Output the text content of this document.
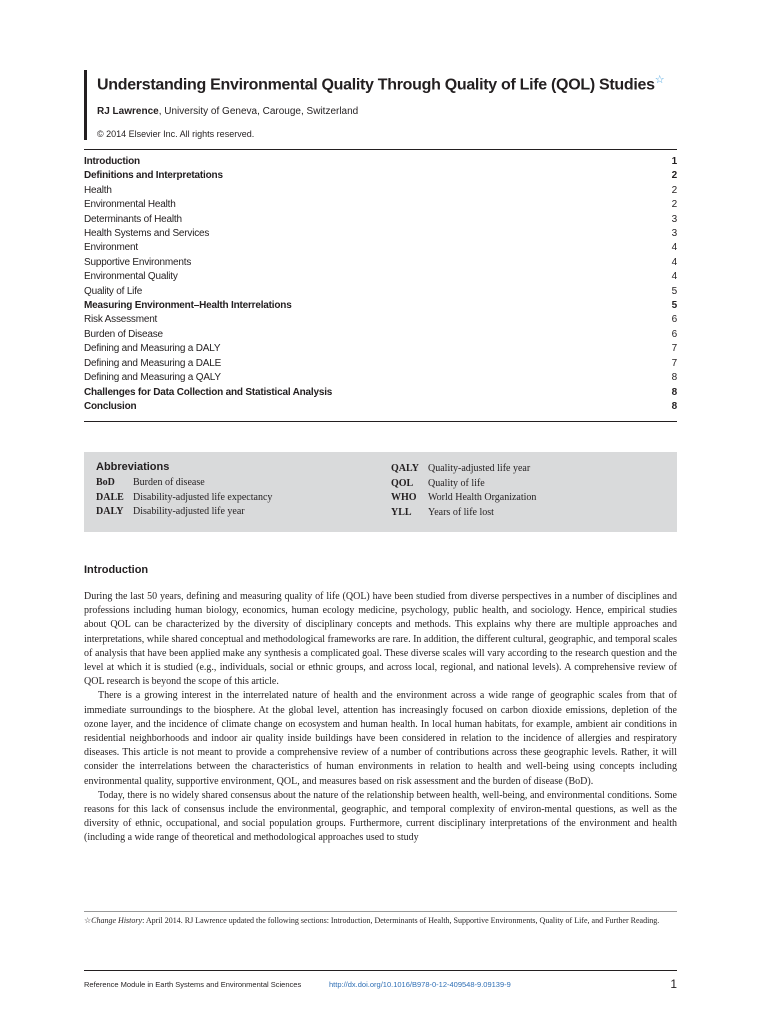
Understanding Environmental Quality Through Quality of Life (QOL) Studies☆
RJ Lawrence, University of Geneva, Carouge, Switzerland
© 2014 Elsevier Inc. All rights reserved.
Introduction	1
Definitions and Interpretations	2
Health	2
Environmental Health	2
Determinants of Health	3
Health Systems and Services	3
Environment	4
Supportive Environments	4
Environmental Quality	4
Quality of Life	5
Measuring Environment–Health Interrelations	5
Risk Assessment	6
Burden of Disease	6
Defining and Measuring a DALY	7
Defining and Measuring a DALE	7
Defining and Measuring a QALY	8
Challenges for Data Collection and Statistical Analysis	8
Conclusion	8
Abbreviations
BoD	Burden of disease
DALE Disability-adjusted life expectancy
DALY Disability-adjusted life year
QALY Quality-adjusted life year
QOL	Quality of life
WHO	World Health Organization
YLL	Years of life lost
Introduction

During the last 50 years, defining and measuring quality of life (QOL) have been studied from diverse perspectives in a number of disciplines and professions including human biology, economics, human ecology medicine, psychology, public health, and sociology. Hence, empirical studies about QOL can be characterized by the diversity of disciplinary concepts and methods. This explains why there are multiple approaches and interpretations, while shared conceptual and methodological frameworks are rare. In addition, the different cultural, geographic, and temporal scales of analysis that have been applied make any synthesis a complicated goal. These diverse scales will vary according to the research question and the level at which it is studied (e.g., individuals, social or ethnic groups, and across local, regional, and national levels). A comprehensive review of QOL research is beyond the scope of this article.

There is a growing interest in the interrelated nature of health and the environment across a wide range of geographic scales from that of immediate surroundings to the biosphere. At the global level, attention has increasingly focused on carbon dioxide emissions, depletion of the ozone layer, and the incidence of climate change on ecosystem and human health. In local human habitats, for example, ambient air conditions in residential neighborhoods and indoor air quality inside buildings have been considered in relation to the incidence of allergies and respiratory diseases. This article is not meant to provide a comprehensive review of a number of contributions across these geographic levels. Rather, it will consider the interrelations between the characteristics of human environments in relation to health and well-being using concepts including environmental quality, supportive environment, QOL, and measures based on risk assessment and the burden of disease (BoD).

Today, there is no widely shared consensus about the nature of the relationship between health, well-being, and environmental conditions. Some reasons for this lack of consensus include the environmental, geographic, and temporal complexity of environ-mental questions, as well as the diversity of ethnic, occupational, and social population groups. Furthermore, current disciplinary interpretations of the environment and health (including a wide range of theoretical and methodological approaches used to study

☆Change History: April 2014. RJ Lawrence updated the following sections: Introduction, Determinants of Health, Supportive Environments, Quality of Life, and Further Reading.
Reference Module in Earth Systems and Environmental Sciences	http://dx.doi.org/10.1016/B978-0-12-409548-9.09139-9	1
